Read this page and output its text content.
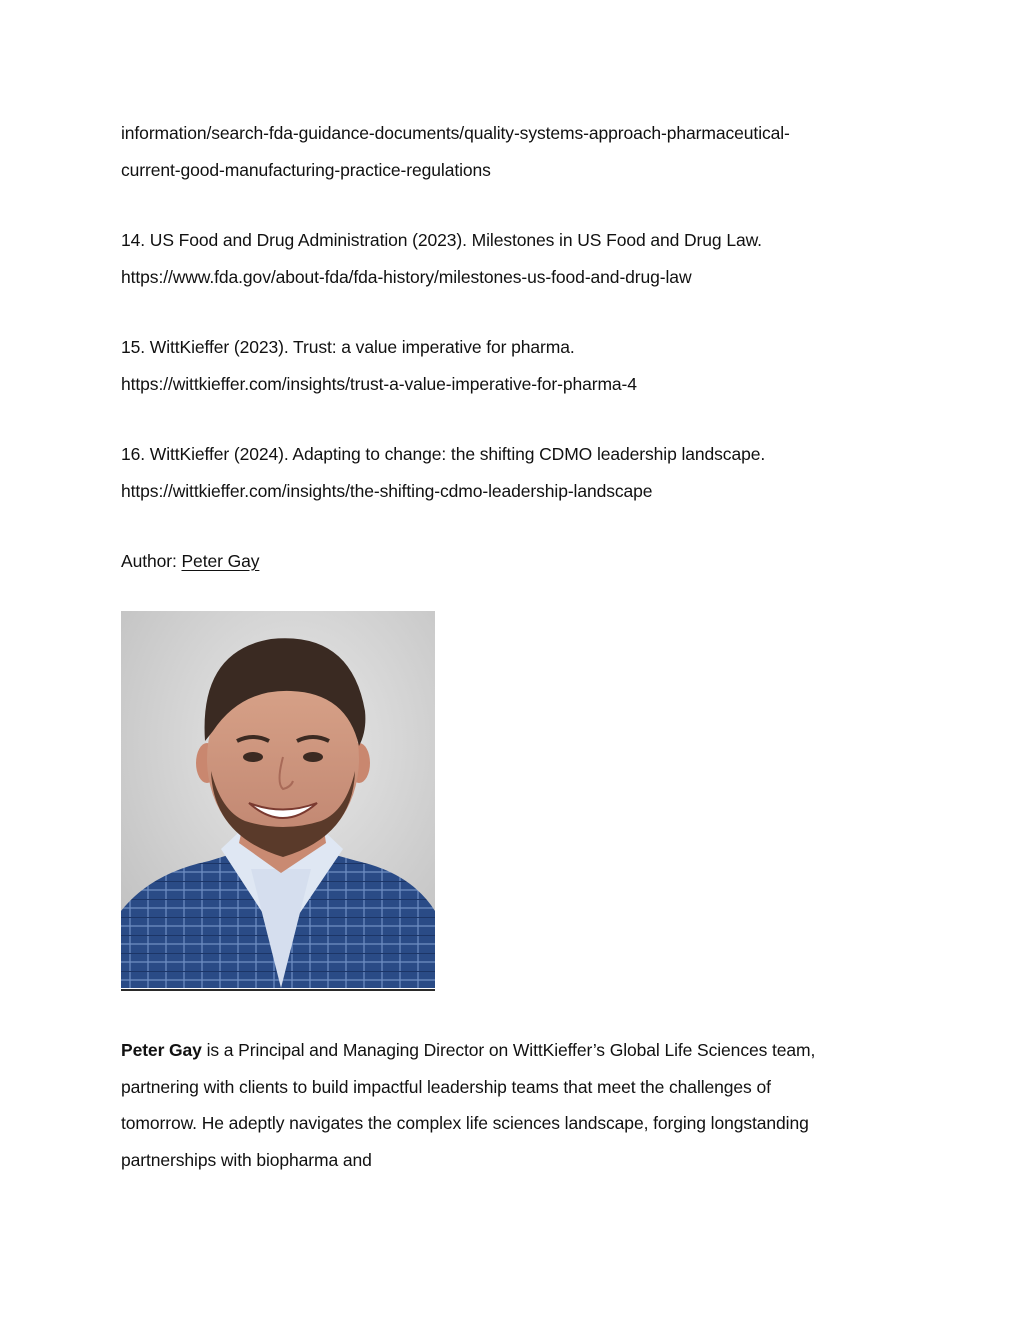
information/search-fda-guidance-documents/quality-systems-approach-pharmaceutical-
current-good-manufacturing-practice-regulations
14. US Food and Drug Administration (2023). Milestones in US Food and Drug Law.
https://www.fda.gov/about-fda/fda-history/milestones-us-food-and-drug-law
15. WittKieffer (2023). Trust: a value imperative for pharma.
https://wittkieffer.com/insights/trust-a-value-imperative-for-pharma-4
16. WittKieffer (2024). Adapting to change: the shifting CDMO leadership landscape.
https://wittkieffer.com/insights/the-shifting-cdmo-leadership-landscape
Author: Peter Gay
Peter Gay is a Principal and Managing Director on WittKieffer’s Global Life Sciences team,
partnering with clients to build impactful leadership teams that meet the challenges of
tomorrow. He adeptly navigates the complex life sciences landscape, forging longstanding
partnerships with biopharma and
